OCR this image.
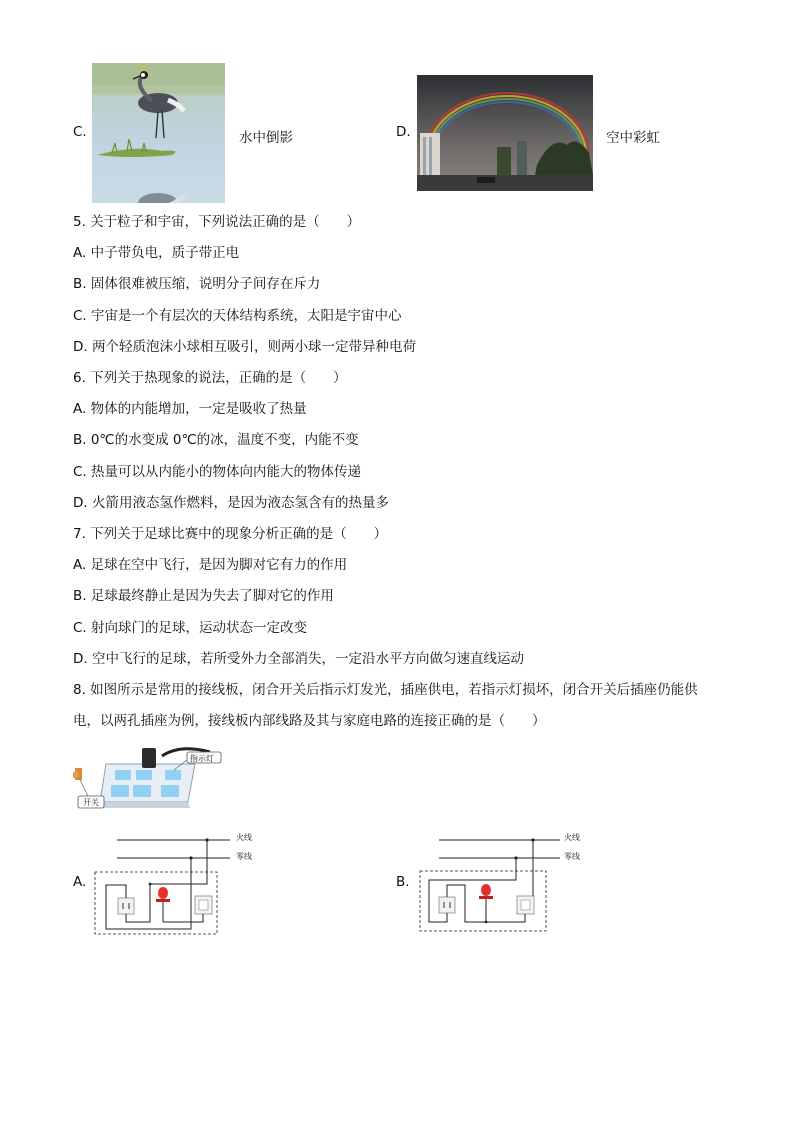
C.	水中倒影	D.	空中彩虹
5. 关于粒子和宇宙，下列说法正确的是（　　）
A. 中子带负电，质子带正电
B. 固体很难被压缩，说明分子间存在斥力
C. 宇宙是一个有层次的天体结构系统，太阳是宇宙中心
D. 两个轻质泡沫小球相互吸引，则两小球一定带异种电荷
6. 下列关于热现象的说法，正确的是（　　）
A. 物体的内能增加，一定是吸收了热量
B. 0℃的水变成 0℃的冰，温度不变，内能不变
C. 热量可以从内能小的物体向内能大的物体传递
D. 火箭用液态氢作燃料，是因为液态氢含有的热量多
7. 下列关于足球比赛中的现象分析正确的是（　　）
A. 足球在空中飞行，是因为脚对它有力的作用
B. 足球最终静止是因为失去了脚对它的作用
C. 射向球门的足球，运动状态一定改变
D. 空中飞行的足球，若所受外力全部消失，一定沿水平方向做匀速直线运动
8. 如图所示是常用的接线板，闭合开关后指示灯发光，插座供电，若指示灯损坏，闭合开关后插座仍能供
电，以两孔插座为例，接线板内部线路及其与家庭电路的连接正确的是（　　）
指示灯
开关
A.
火线
零线
B.
火线
零线
